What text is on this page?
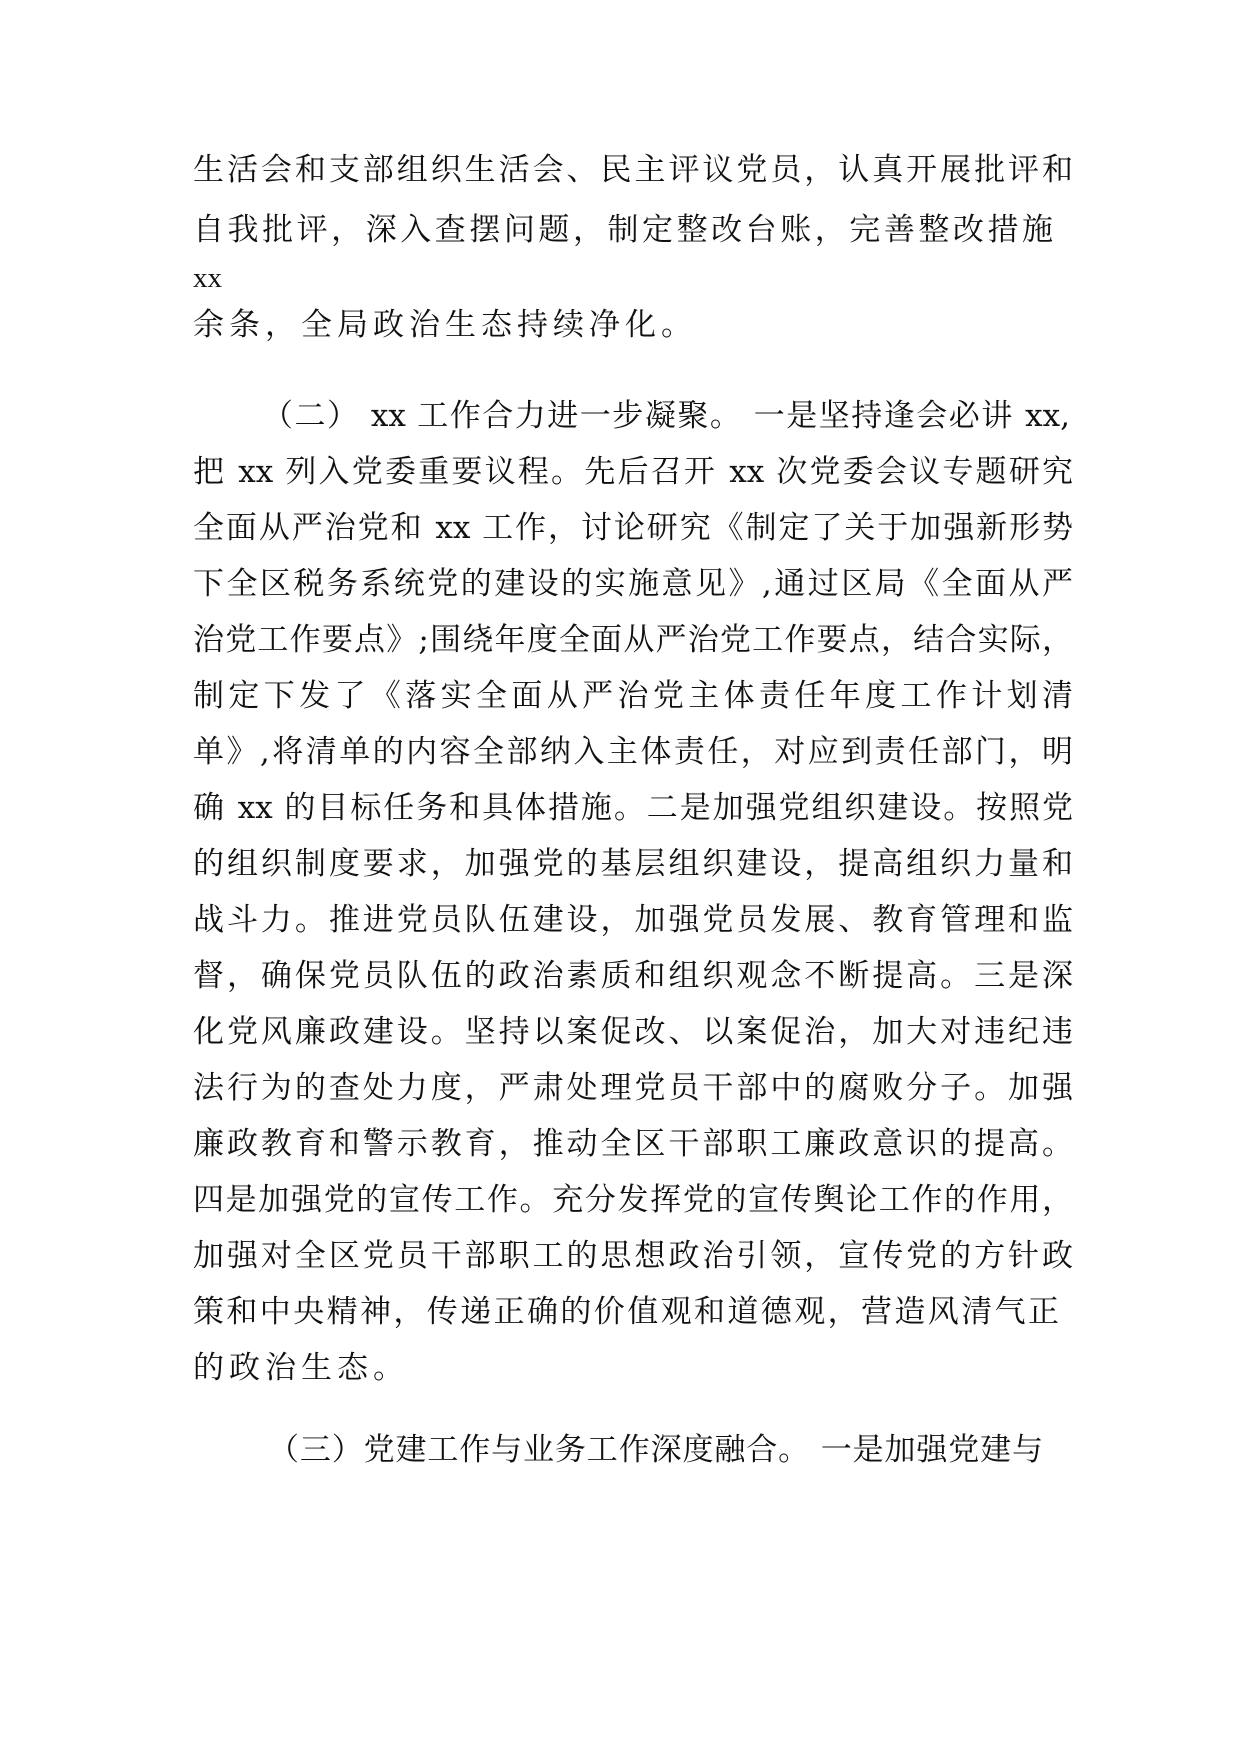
生活会和支部组织生活会、民主评议党员，认真开展批评和
自我批评，深入查摆问题，制定整改台账，完善整改措施
xx
余条，全局政治生态持续净化。
（二） xx 工作合力进一步凝聚。 一是坚持逢会必讲 xx,
把 xx 列入党委重要议程。先后召开 xx 次党委会议专题研究
全面从严治党和 xx 工作，讨论研究《制定了关于加强新形势
下全区税务系统党的建设的实施意见》,通过区局《全面从严
治党工作要点》;围绕年度全面从严治党工作要点，结合实际，
制定下发了《落实全面从严治党主体责任年度工作计划清
单》,将清单的内容全部纳入主体责任，对应到责任部门，明
确 xx 的目标任务和具体措施。二是加强党组织建设。按照党
的组织制度要求，加强党的基层组织建设，提高组织力量和
战斗力。推进党员队伍建设，加强党员发展、教育管理和监
督，确保党员队伍的政治素质和组织观念不断提高。三是深
化党风廉政建设。坚持以案促改、以案促治，加大对违纪违
法行为的查处力度，严肃处理党员干部中的腐败分子。加强
廉政教育和警示教育，推动全区干部职工廉政意识的提高。
四是加强党的宣传工作。充分发挥党的宣传舆论工作的作用，
加强对全区党员干部职工的思想政治引领，宣传党的方针政
策和中央精神，传递正确的价值观和道德观，营造风清气正
的政治生态。
（三）党建工作与业务工作深度融合。 一是加强党建与
